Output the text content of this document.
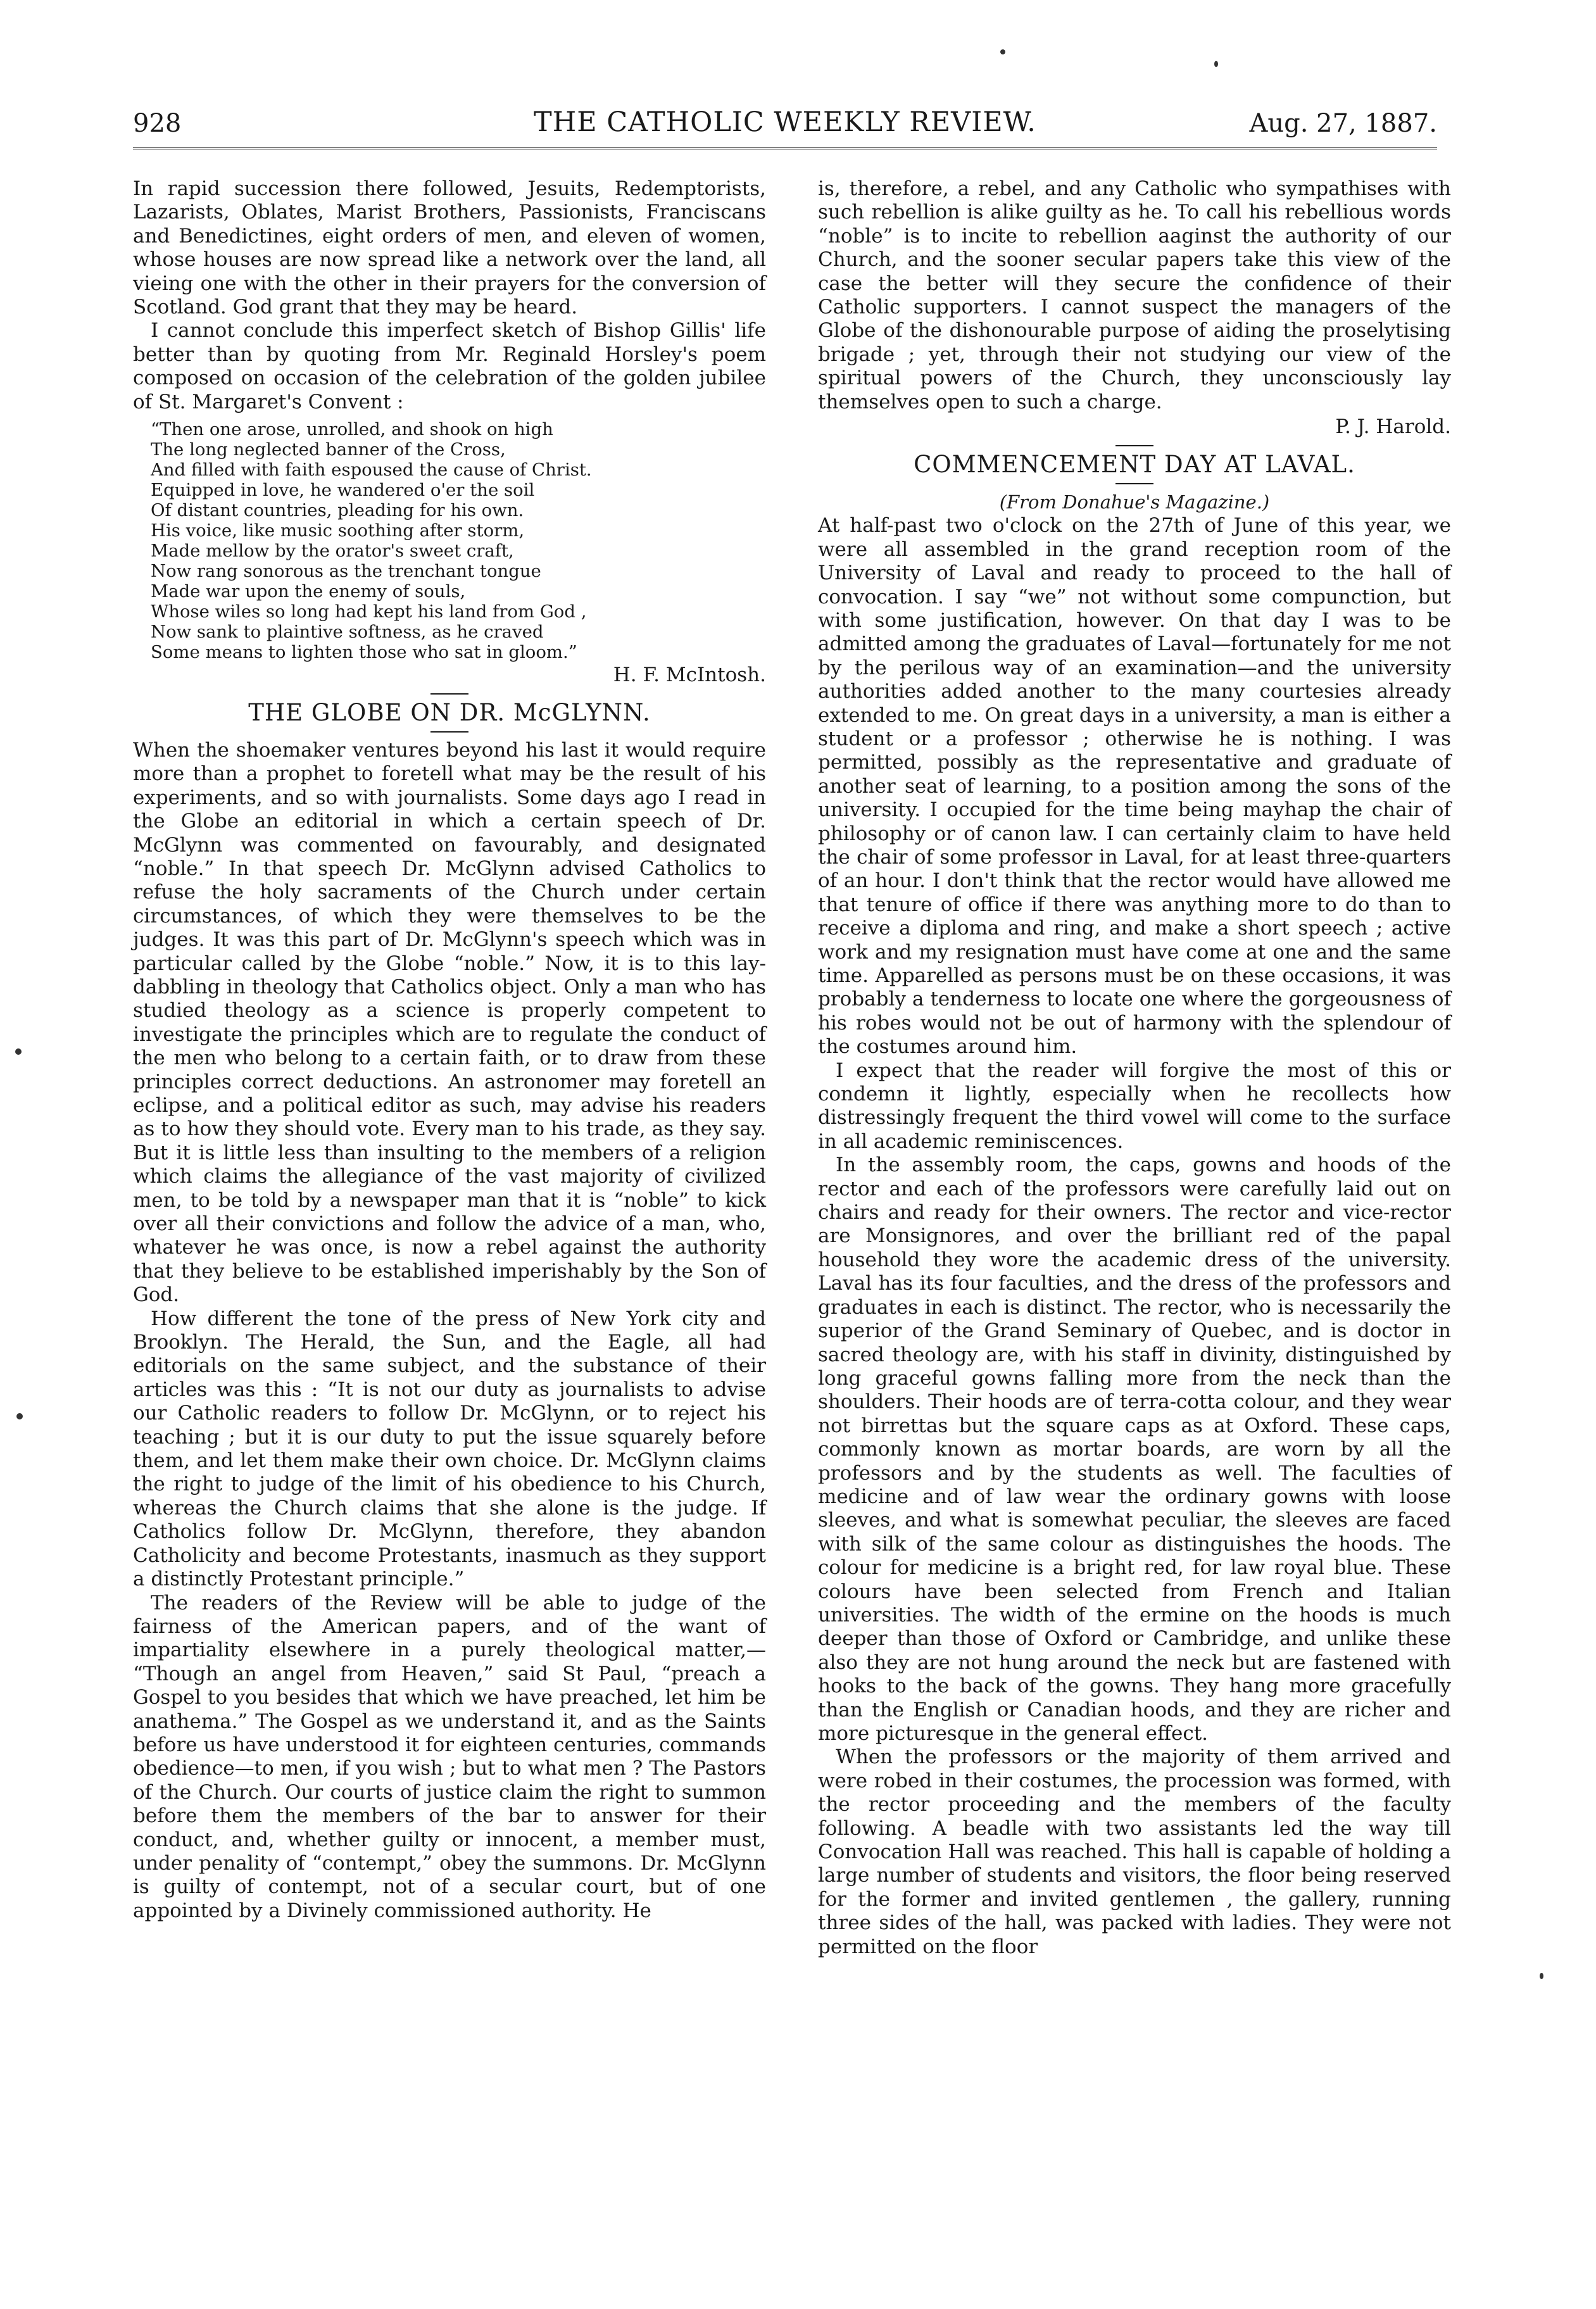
928	THE CATHOLIC WEEKLY REVIEW.	Aug. 27, 1887.

In rapid succession there followed, Jesuits, Redemptorists, Lazarists, Oblates, Marist Brothers, Passionists, Franciscans and Benedictines, eight orders of men, and eleven of women, whose houses are now spread like a network over the land, all vieing one with the other in their prayers for the conversion of Scotland. God grant that they may be heard.

I cannot conclude this imperfect sketch of Bishop Gillis' life better than by quoting from Mr. Reginald Horsley's poem composed on occasion of the celebration of the golden jubilee of St. Margaret's Convent :

“Then one arose, unrolled, and shook on high
The long neglected banner of the Cross,
And filled with faith espoused the cause of Christ.
Equipped in love, he wandered o'er the soil
Of distant countries, pleading for his own.
His voice, like music soothing after storm,
Made mellow by the orator's sweet craft,
Now rang sonorous as the trenchant tongue
Made war upon the enemy of souls,
Whose wiles so long had kept his land from God ,
Now sank to plaintive softness, as he craved
Some means to lighten those who sat in gloom.”
H. F. McIntosh.
THE GLOBE ON DR. McGLYNN.

When the shoemaker ventures beyond his last it would require more than a prophet to foretell what may be the result of his experiments, and so with journalists. Some days ago I read in the Globe an editorial in which a certain speech of Dr. McGlynn was commented on favourably, and designated “noble.” In that speech Dr. McGlynn advised Catholics to refuse the holy sacraments of the Church under certain circumstances, of which they were themselves to be the judges. It was this part of Dr. McGlynn's speech which was in particular called by the Globe “noble.” Now, it is to this lay-dabbling in theology that Catholics object. Only a man who has studied theology as a science is properly competent to investigate the principles which are to regulate the conduct of the men who belong to a certain faith, or to draw from these principles correct deductions. An astronomer may foretell an eclipse, and a political editor as such, may advise his readers as to how they should vote. Every man to his trade, as they say. But it is little less than insulting to the members of a religion which claims the allegiance of the vast majority of civilized men, to be told by a newspaper man that it is “noble” to kick over all their convictions and follow the advice of a man, who, whatever he was once, is now a rebel against the authority that they believe to be established imperishably by the Son of God.

How different the tone of the press of New York city and Brooklyn. The Herald, the Sun, and the Eagle, all had editorials on the same subject, and the substance of their articles was this : “It is not our duty as journalists to advise our Catholic readers to follow Dr. McGlynn, or to reject his teaching ; but it is our duty to put the issue squarely before them, and let them make their own choice. Dr. McGlynn claims the right to judge of the limit of his obedience to his Church, whereas the Church claims that she alone is the judge. If Catholics follow Dr. McGlynn, therefore, they abandon Catholicity and become Protestants, inasmuch as they support a distinctly Protestant principle.”

The readers of the Review will be able to judge of the fairness of the American papers, and of the want of impartiality elsewhere in a purely theological matter,— “Though an angel from Heaven,” said St Paul, “preach a Gospel to you besides that which we have preached, let him be anathema.” The Gospel as we understand it, and as the Saints before us have understood it for eighteen centuries, commands obedience—to men, if you wish ; but to what men ? The Pastors of the Church. Our courts of justice claim the right to summon before them the members of the bar to answer for their conduct, and, whether guilty or innocent, a member must, under penality of “contempt,” obey the summons. Dr. McGlynn is guilty of contempt, not of a secular court, but of one appointed by a Divinely commissioned authority. He

is, therefore, a rebel, and any Catholic who sympathises with such rebellion is alike guilty as he. To call his rebellious words “noble” is to incite to rebellion aaginst the authority of our Church, and the sooner secular papers take this view of the case the better will they secure the confidence of their Catholic supporters. I cannot suspect the managers of the Globe of the dishonourable purpose of aiding the proselytising brigade ; yet, through their not studying our view of the spiritual powers of the Church, they unconsciously lay themselves open to such a charge.

P. J. Harold.
COMMENCEMENT DAY AT LAVAL.
(From Donahue's Magazine.)

At half-past two o'clock on the 27th of June of this year, we were all assembled in the grand reception room of the University of Laval and ready to proceed to the hall of convocation. I say “we” not without some compunction, but with some justification, however. On that day I was to be admitted among the graduates of Laval—fortunately for me not by the perilous way of an examination—and the university authorities added another to the many courtesies already extended to me. On great days in a university, a man is either a student or a professor ; otherwise he is nothing. I was permitted, possibly as the representative and graduate of another seat of learning, to a position among the sons of the university. I occupied for the time being mayhap the chair of philosophy or of canon law. I can certainly claim to have held the chair of some professor in Laval, for at least three-quarters of an hour. I don't think that the rector would have allowed me that tenure of office if there was anything more to do than to receive a diploma and ring, and make a short speech ; active work and my resignation must have come at one and the same time. Apparelled as persons must be on these occasions, it was probably a tenderness to locate one where the gorgeousness of his robes would not be out of harmony with the splendour of the costumes around him.

I expect that the reader will forgive the most of this or condemn it lightly, especially when he recollects how distressingly frequent the third vowel will come to the surface in all academic reminiscences.

In the assembly room, the caps, gowns and hoods of the rector and each of the professors were carefully laid out on chairs and ready for their owners. The rector and vice-rector are Monsignores, and over the brilliant red of the papal household they wore the academic dress of the university. Laval has its four faculties, and the dress of the professors and graduates in each is distinct. The rector, who is necessarily the superior of the Grand Seminary of Quebec, and is doctor in sacred theology are, with his staff in divinity, distinguished by long graceful gowns falling more from the neck than the shoulders. Their hoods are of terra-cotta colour, and they wear not birrettas but the square caps as at Oxford. These caps, commonly known as mortar boards, are worn by all the professors and by the students as well. The faculties of medicine and of law wear the ordinary gowns with loose sleeves, and what is somewhat peculiar, the sleeves are faced with silk of the same colour as distinguishes the hoods. The colour for medicine is a bright red, for law royal blue. These colours have been selected from French and Italian universities. The width of the ermine on the hoods is much deeper than those of Oxford or Cambridge, and unlike these also they are not hung around the neck but are fastened with hooks to the back of the gowns. They hang more gracefully than the English or Canadian hoods, and they are richer and more picturesque in the general effect.

When the professors or the majority of them arrived and were robed in their costumes, the procession was formed, with the rector proceeding and the members of the faculty following. A beadle with two assistants led the way till Convocation Hall was reached. This hall is capable of holding a large number of students and visitors, the floor being reserved for the former and invited gentlemen , the gallery, running three sides of the hall, was packed with ladies. They were not permitted on the floor
